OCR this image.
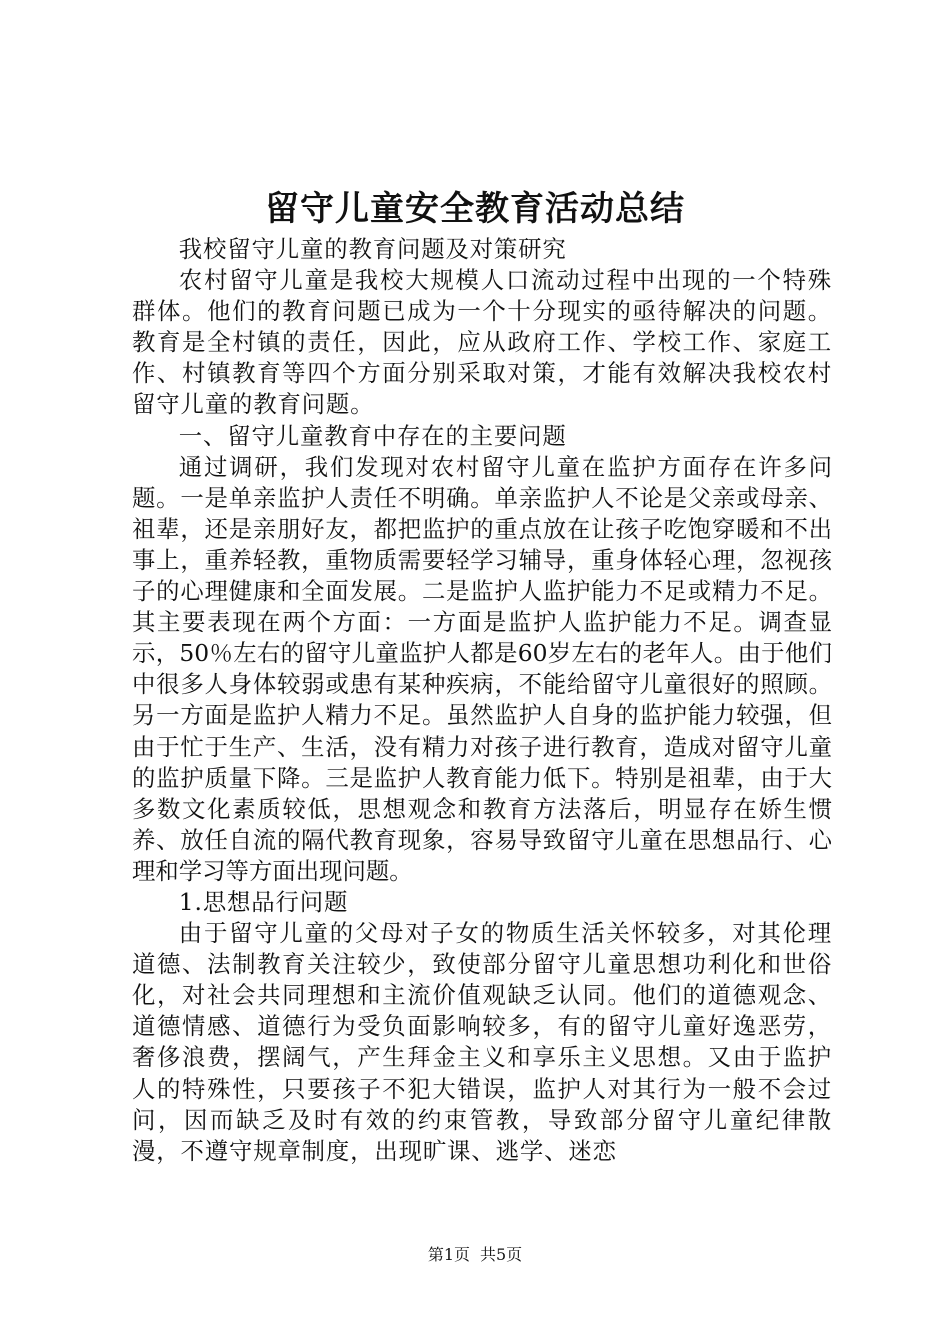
留守儿童安全教育活动总结

我校留守儿童的教育问题及对策研究

农村留守儿童是我校大规模人口流动过程中出现的一个特殊群体。他们的教育问题已成为一个十分现实的亟待解决的问题。教育是全村镇的责任，因此，应从政府工作、学校工作、家庭工作、村镇教育等四个方面分别采取对策，才能有效解决我校农村留守儿童的教育问题。

一、留守儿童教育中存在的主要问题

通过调研，我们发现对农村留守儿童在监护方面存在许多问题。一是单亲监护人责任不明确。单亲监护人不论是父亲或母亲、祖辈，还是亲朋好友，都把监护的重点放在让孩子吃饱穿暖和不出事上，重养轻教，重物质需要轻学习辅导，重身体轻心理，忽视孩子的心理健康和全面发展。二是监护人监护能力不足或精力不足。其主要表现在两个方面：一方面是监护人监护能力不足。调查显示，50％左右的留守儿童监护人都是60岁左右的老年人。由于他们中很多人身体较弱或患有某种疾病，不能给留守儿童很好的照顾。另一方面是监护人精力不足。虽然监护人自身的监护能力较强，但由于忙于生产、生活，没有精力对孩子进行教育，造成对留守儿童的监护质量下降。三是监护人教育能力低下。特别是祖辈，由于大多数文化素质较低，思想观念和教育方法落后，明显存在娇生惯养、放任自流的隔代教育现象，容易导致留守儿童在思想品行、心理和学习等方面出现问题。

1.思想品行问题

由于留守儿童的父母对子女的物质生活关怀较多，对其伦理道德、法制教育关注较少，致使部分留守儿童思想功利化和世俗化，对社会共同理想和主流价值观缺乏认同。他们的道德观念、道德情感、道德行为受负面影响较多，有的留守儿童好逸恶劳，奢侈浪费，摆阔气，产生拜金主义和享乐主义思想。又由于监护人的特殊性，只要孩子不犯大错误，监护人对其行为一般不会过问，因而缺乏及时有效的约束管教，导致部分留守儿童纪律散漫，不遵守规章制度，出现旷课、逃学、迷恋

第1页 共5页
